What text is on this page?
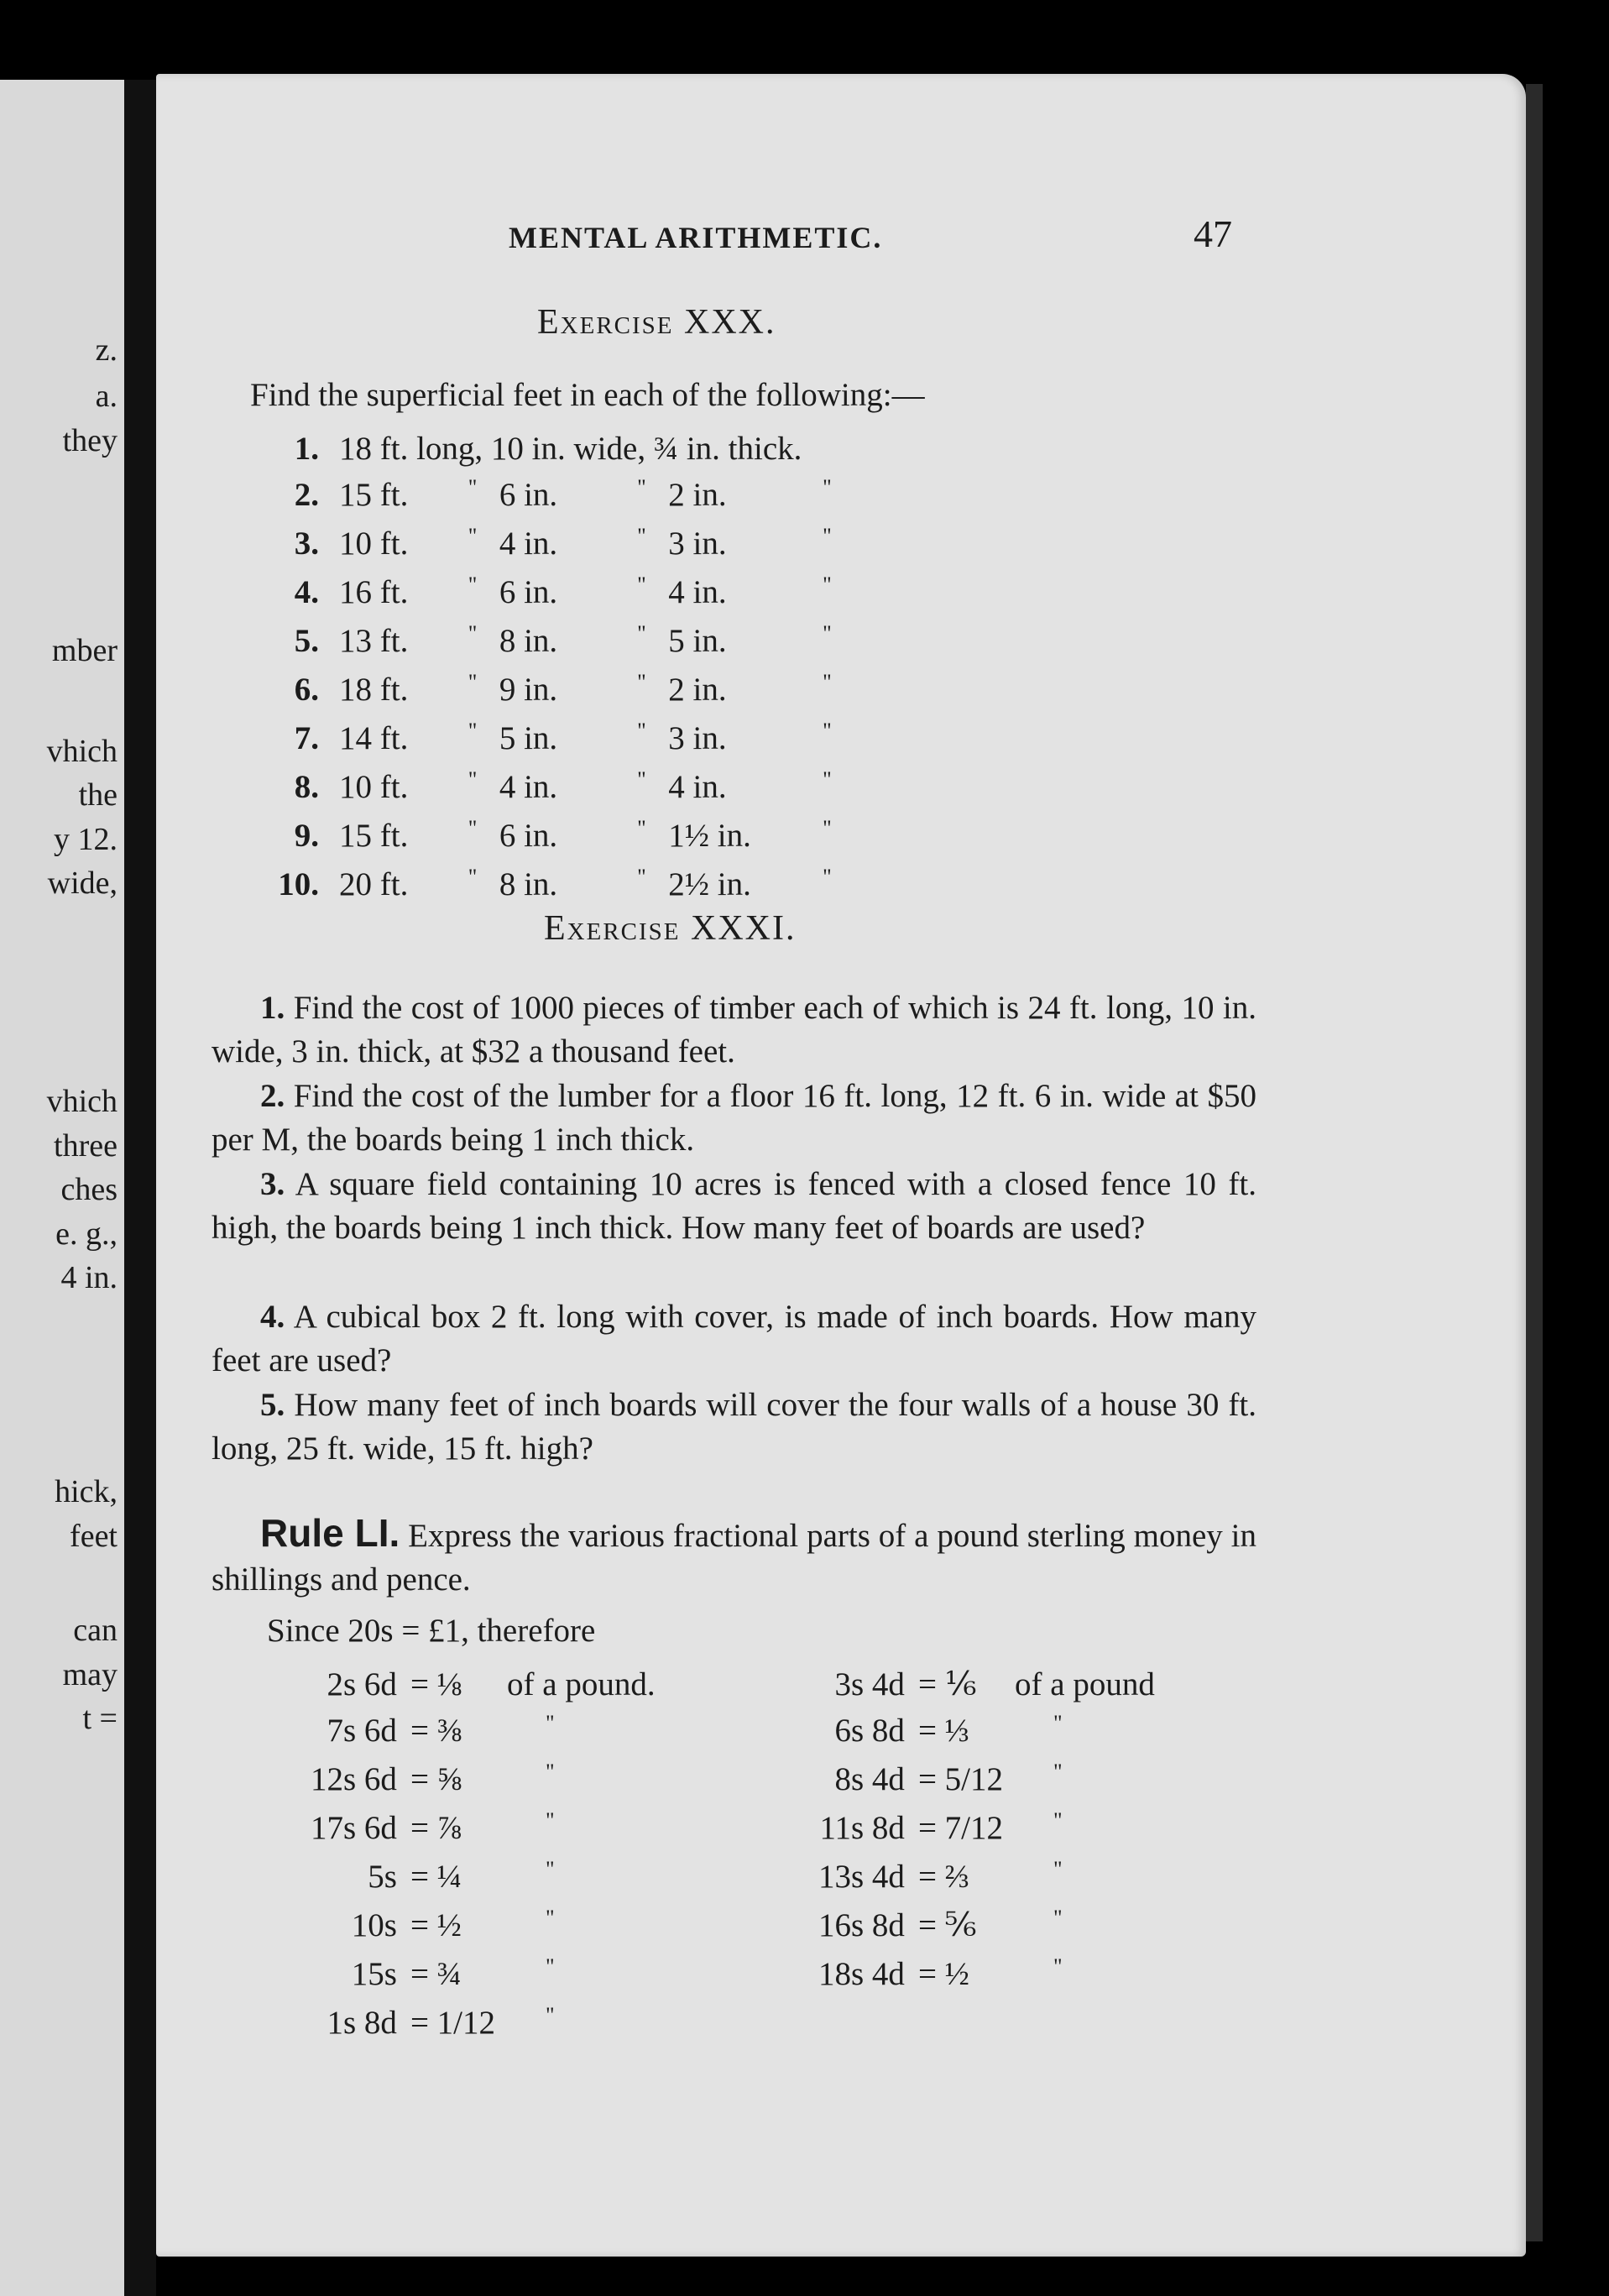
z.
a.
they
mber
vhich
the
y 12.
wide,
vhich
three
ches
e. g.,
4 in.
hick,
feet
can
may
t =
MENTAL ARITHMETIC.	47
Exercise XXX.
Find the superficial feet in each of the following:—
1.	18 ft. long, 10 in. wide, ¾ in. thick.					
2.	15 ft.	"	6 in.	"	2 in.	"
3.	10 ft.	"	4 in.	"	3 in.	"
4.	16 ft.	"	6 in.	"	4 in.	"
5.	13 ft.	"	8 in.	"	5 in.	"
6.	18 ft.	"	9 in.	"	2 in.	"
7.	14 ft.	"	5 in.	"	3 in.	"
8.	10 ft.	"	4 in.	"	4 in.	"
9.	15 ft.	"	6 in.	"	1½ in.	"
10.	20 ft.	"	8 in.	"	2½ in.	"
Exercise XXXI.
1. Find the cost of 1000 pieces of timber each of which is 24 ft. long, 10 in. wide, 3 in. thick, at $32 a thousand feet.
2. Find the cost of the lumber for a floor 16 ft. long, 12 ft. 6 in. wide at $50 per M, the boards being 1 inch thick.
3. A square field containing 10 acres is fenced with a closed fence 10 ft. high, the boards being 1 inch thick. How many feet of boards are used?
4. A cubical box 2 ft. long with cover, is made of inch boards. How many feet are used?
5. How many feet of inch boards will cover the four walls of a house 30 ft. long, 25 ft. wide, 15 ft. high?
Rule LI. Express the various fractional parts of a pound sterling money in shillings and pence.
Since 20s = £1, therefore
2s 6d	= ⅛	of a pound.
7s 6d	= ⅜	"
12s 6d	= ⅝	"
17s 6d	= ⅞	"
5s	= ¼	"
10s	= ½	"
15s	= ¾	"
1s 8d	= 1/12	"
3s 4d	= ⅙	of a pound
6s 8d	= ⅓	"
8s 4d	= 5/12	"
11s 8d	= 7/12	"
13s 4d	= ⅔	"
16s 8d	= ⅚	"
18s 4d	= ½	"
